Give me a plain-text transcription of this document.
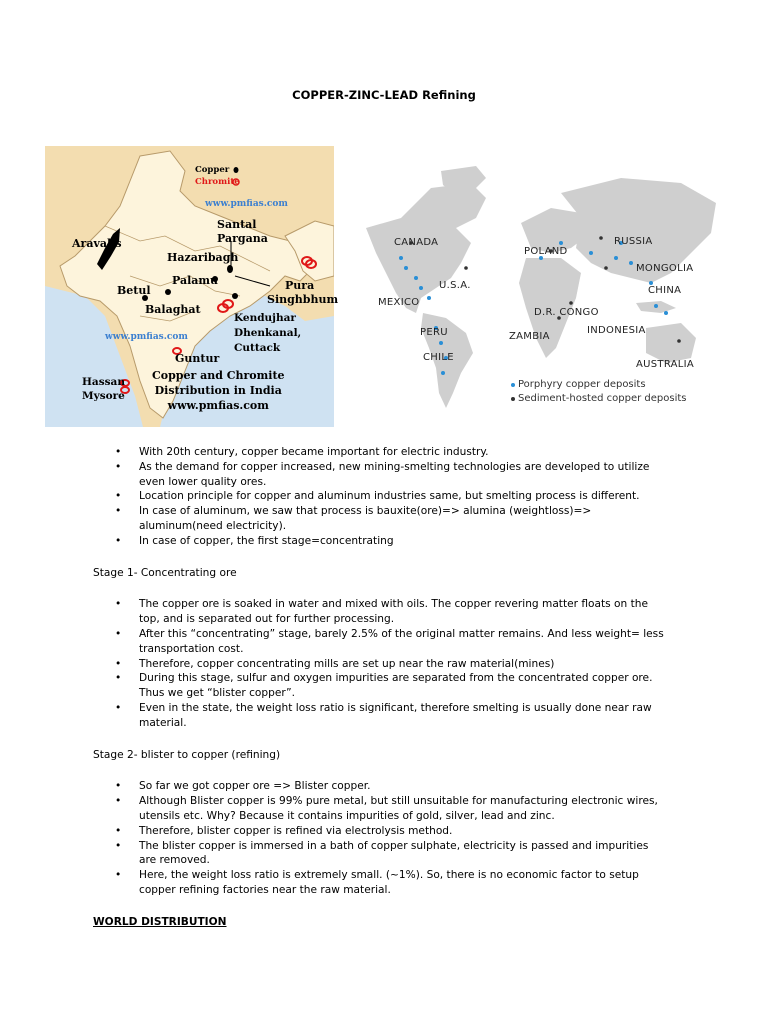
COPPER-ZINC-LEAD Refining
Copper
Chromite
www.pmfias.com
www.pmfias.com
Aravalis
Santal
Pargana
Hazaribagh
Palamu
Betul	Pura
Singhbhum
Balaghat
Kendujhar
Dhenkanal,
Cuttack
Guntur
Hassan
Mysore
Copper and Chromite
Distribution in India
www.pmfias.com
CANADA
U.S.A.
MEXICO
PERU
CHILE
POLAND
RUSSIA
MONGOLIA
CHINA
D.R. CONGO
ZAMBIA
INDONESIA
AUSTRALIA
Porphyry copper deposits
Sediment-hosted copper deposits
• With 20th century, copper became important for electric industry.
• As the demand for copper increased, new mining-smelting technologies are developed to utilize even lower quality ores.
• Location principle for copper and aluminum industries same, but smelting process is different.
• In case of aluminum, we saw that process is bauxite(ore)=> alumina (weightloss)=> aluminum(need electricity).
• In case of copper, the first stage=concentrating
Stage 1- Concentrating ore
• The copper ore is soaked in water and mixed with oils. The copper revering matter floats on the top, and is separated out for further processing.
• After this “concentrating” stage, barely 2.5% of the original matter remains. And less weight= less transportation cost.
• Therefore, copper concentrating mills are set up near the raw material(mines)
• During this stage, sulfur and oxygen impurities are separated from the concentrated copper ore. Thus we get “blister copper”.
• Even in the state, the weight loss ratio is significant, therefore smelting is usually done near raw material.
Stage 2- blister to copper (refining)
• So far we got copper ore => Blister copper.
• Although Blister copper is 99% pure metal, but still unsuitable for manufacturing electronic wires, utensils etc. Why? Because it contains impurities of gold, silver, lead and zinc.
• Therefore, blister copper is refined via electrolysis method.
• The blister copper is immersed in a bath of copper sulphate, electricity is passed and impurities are removed.
• Here, the weight loss ratio is extremely small. (~1%). So, there is no economic factor to setup copper refining factories near the raw material.
WORLD DISTRIBUTION
